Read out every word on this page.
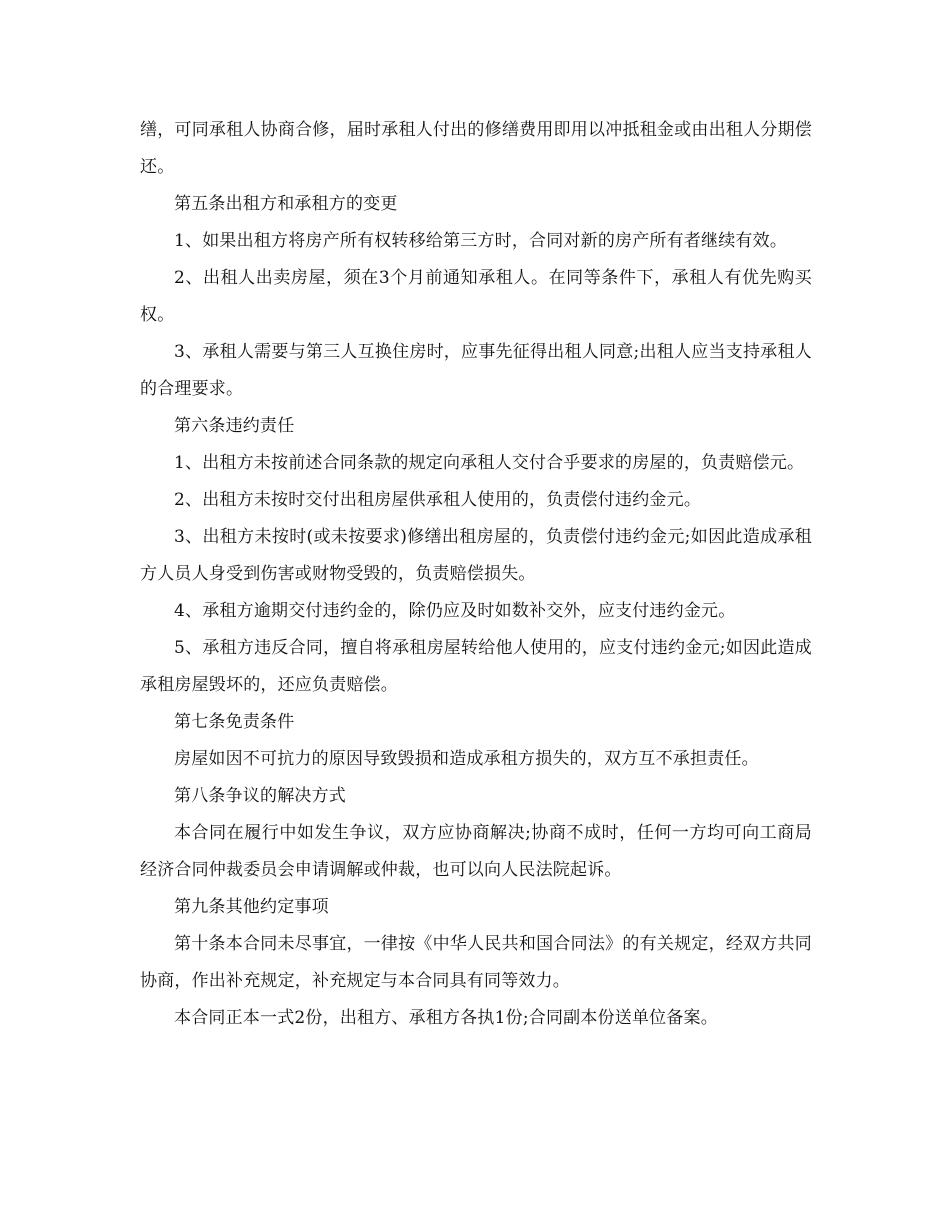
缮，可同承租人协商合修，届时承租人付出的修缮费用即用以冲抵租金或由出租人分期偿还。

第五条出租方和承租方的变更

1、如果出租方将房产所有权转移给第三方时，合同对新的房产所有者继续有效。

2、出租人出卖房屋，须在3个月前通知承租人。在同等条件下，承租人有优先购买权。

3、承租人需要与第三人互换住房时，应事先征得出租人同意;出租人应当支持承租人的合理要求。

第六条违约责任

1、出租方未按前述合同条款的规定向承租人交付合乎要求的房屋的，负责赔偿元。

2、出租方未按时交付出租房屋供承租人使用的，负责偿付违约金元。

3、出租方未按时(或未按要求)修缮出租房屋的，负责偿付违约金元;如因此造成承租方人员人身受到伤害或财物受毁的，负责赔偿损失。

4、承租方逾期交付违约金的，除仍应及时如数补交外，应支付违约金元。

5、承租方违反合同，擅自将承租房屋转给他人使用的，应支付违约金元;如因此造成承租房屋毁坏的，还应负责赔偿。

第七条免责条件

房屋如因不可抗力的原因导致毁损和造成承租方损失的，双方互不承担责任。

第八条争议的解决方式

本合同在履行中如发生争议，双方应协商解决;协商不成时，任何一方均可向工商局经济合同仲裁委员会申请调解或仲裁，也可以向人民法院起诉。

第九条其他约定事项

第十条本合同未尽事宜，一律按《中华人民共和国合同法》的有关规定，经双方共同协商，作出补充规定，补充规定与本合同具有同等效力。

本合同正本一式2份，出租方、承租方各执1份;合同副本份送单位备案。
